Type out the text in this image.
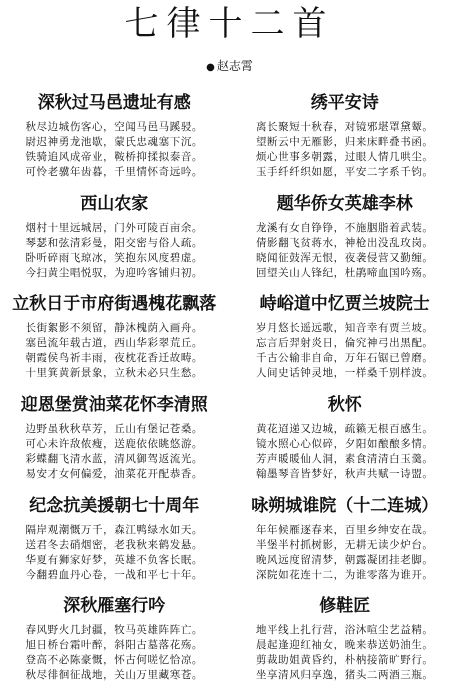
七律十二首
● 赵志霄
深秋过马邑遗址有感
秋尽边城伤客心，空闻马邑马蹊骎。
尉迟神勇龙池歇，蒙氏忠魂塞下沉。
铁骑追风成帝业，鞍桥抑揉拟泰音。
可怜老骥年齿暮，千里情怀奇远吟。
绣平安诗
离长聚短十秋春，对镜邪堪罩黛颦。
望断云中无雁影，归来床畔叠书函。
烦心世事多朝露，过眼人情几哄尘。
玉手纤纤织如愿，平安二字系千钧。
西山农家
烟村十里远城居，门外可陵百亩余。
琴瑟和弦清彩曼，阳交密与俗人疏。
卧听碎雨飞琼冰，笑抱东风度碧虚。
今扫黄尘唱悦驭，为迎吟客铺归初。
题华侨女英雄李林
龙溪有女自铮铮，不施胭脂着武装。
倩影翻飞贫蒋水，神枪出没乱玫岗。
晓闻征鼓浑无恨，夜袭侵营又勤缠。
回望关山人锋纪，杜鹃啼血国吟殇。
立秋日于市府街遇槐花飘落
长街絮影不须留，静沐槐荫入画舟。
塞邑流年载古道，西山华彩翠荒丘。
朝霞侯鸟祈丰雨，夜枕花香迁故畴。
十里箕黄新景象，立秋未必只生愁。
峙峪道中忆贾兰坡院士
岁月悠长遥远歌，知音幸有贾兰坡。
忘言后羿射炎日，倫究神弓出黑配。
千古公输非自命，万年石锯已曾磨。
人间史话钟灵地，一样桑千别样波。
迎恩堡赏油菜花怀李清照
边野虽秋秋草芳，丘山有堡记苍桑。
可心未许敌侬瘦，送鹿依依眺悠游。
彩蝶翻飞清水蓝，清风御驾返流光。
易安才女何偏爱，油菜花开配恭香。
秋怀
黄花迢递又边城，疏籁无根百感生。
镜水照心心似碎，夕阳如酿酿多情。
芳声暖暖仙人洞，素食清清白玉羹。
翰墨琴音皆梦好，秋声共赋一诗盟。
纪念抗美援朝七十周年
隔岸观潮慨万千，森江鸭绿水如天。
送君冬去硝烟密，老我秋来鹤发悬。
华夏有狮家好梦，英雄不负客长眠。
今翻碧血丹心卷，一战和平七十年。
咏朔城谁院（十二连城）
年年候雁逐春来，百里乡绅安在哉。
半堡半村抓树影，无耕无读少炉台。
晚风远度留清梦，朝露凝团挂老脚。
深院如花连十二，为谁零落为谁开。
深秋雁塞行吟
春风野火几封疆，牧马英雄阵阵亡。
旭日桥台霜叶醉，斜阳古墓落花殇。
登高不必陈豪慨，怀古何嗟忆恰凉。
秋尽徘徊征战地，关山万里藏寒苍。
修鞋匠
地平线上扎行营，浴沐喧尘艺益精。
晨起逢迎红袖女，晚来恭送奶油生。
剪裁助姐黄昏约，朴枘接箭旷野行。
坐享清风归享逸，猪头二两酒三瓶。
